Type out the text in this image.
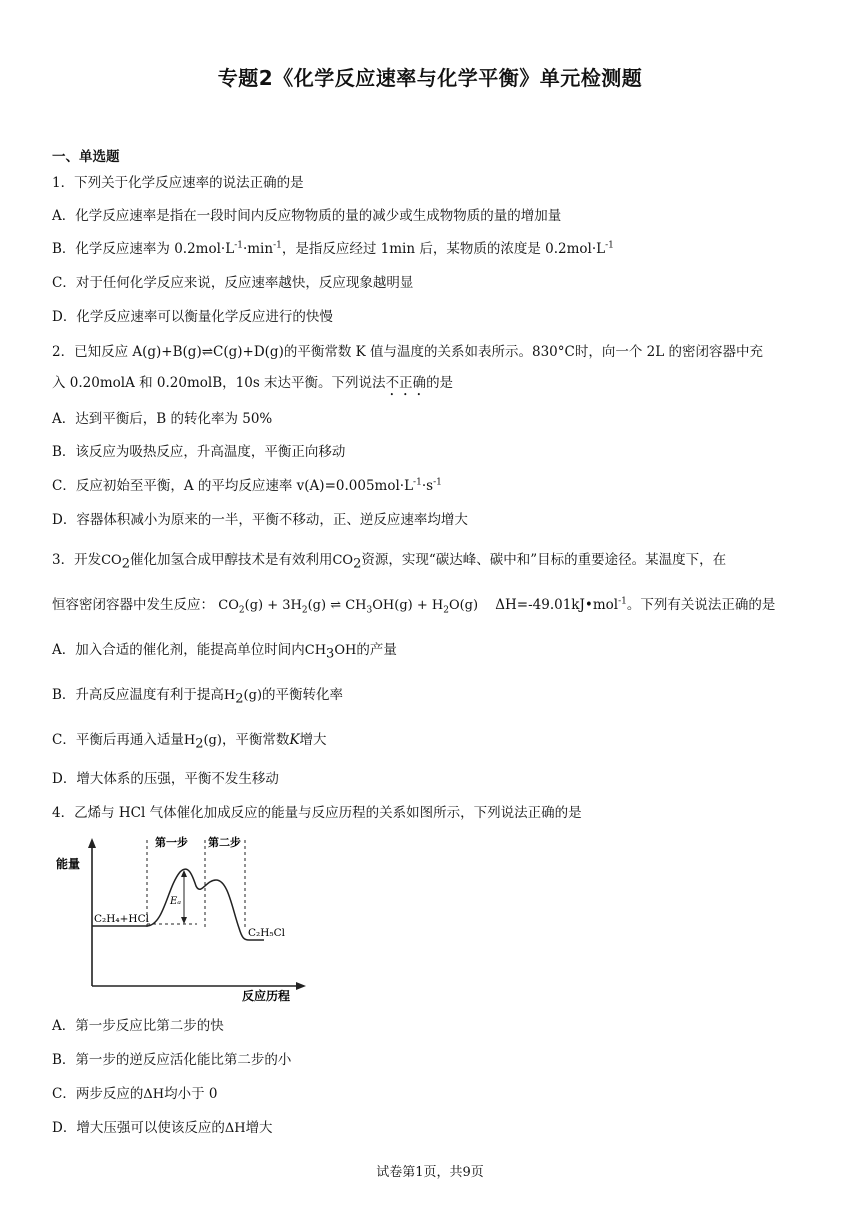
专题2《化学反应速率与化学平衡》单元检测题
一、单选题
1．下列关于化学反应速率的说法正确的是
A．化学反应速率是指在一段时间内反应物物质的量的减少或生成物物质的量的增加量
B．化学反应速率为 $0.2mol\cdot L^{-1}\cdot\min^{-1}$，是指反应经过 1min 后，某物质的浓度是 $0.2mol\cdot L^{-1}$
C．对于任何化学反应来说，反应速率越快，反应现象越明显
D．化学反应速率可以衡量化学反应进行的快慢
2．已知反应 A(g)+B(g)⇌C(g)+D(g)的平衡常数 K 值与温度的关系如表所示。830°C时，向一个 2L 的密闭容器中充
入 0.20molA 和 0.20molB，10s 末达平衡。下列说法不正确的是
A．达到平衡后，B 的转化率为 50%
B．该反应为吸热反应，升高温度，平衡正向移动
C．反应初始至平衡，A 的平均反应速率 $v(A)=0.005mol\cdot L^{-1}\cdot s^{-1}$
D．容器体积减小为原来的一半，平衡不移动，正、逆反应速率均增大
3．开发$CO_2$催化加氢合成甲醇技术是有效利用$CO_2$资源，实现“碳达峰、碳中和”目标的重要途径。某温度下，在
恒容密闭容器中发生反应： $CO_2(g) + 3H_2(g)$ ⇌ $CH_3OH(g) + H_2O(g)$ ΔH=-49.01kJ•mol$^{-1}$。下列有关说法正确的是
A．加入合适的催化剂，能提高单位时间内$CH_3OH$的产量
B．升高反应温度有利于提高$H_2(g)$的平衡转化率
C．平衡后再通入适量$H_2(g)$，平衡常数K增大
D．增大体系的压强，平衡不发生移动
4．乙烯与 HCl 气体催化加成反应的能量与反应历程的关系如图所示，下列说法正确的是
能量
反应历程
第一步 第二步
Eₐ
C₂H₄+HCl
C₂H₅Cl
A．第一步反应比第二步的快
B．第一步的逆反应活化能比第二步的小
C．两步反应的ΔH均小于 0
D．增大压强可以使该反应的ΔH增大
试卷第1页，共9页
